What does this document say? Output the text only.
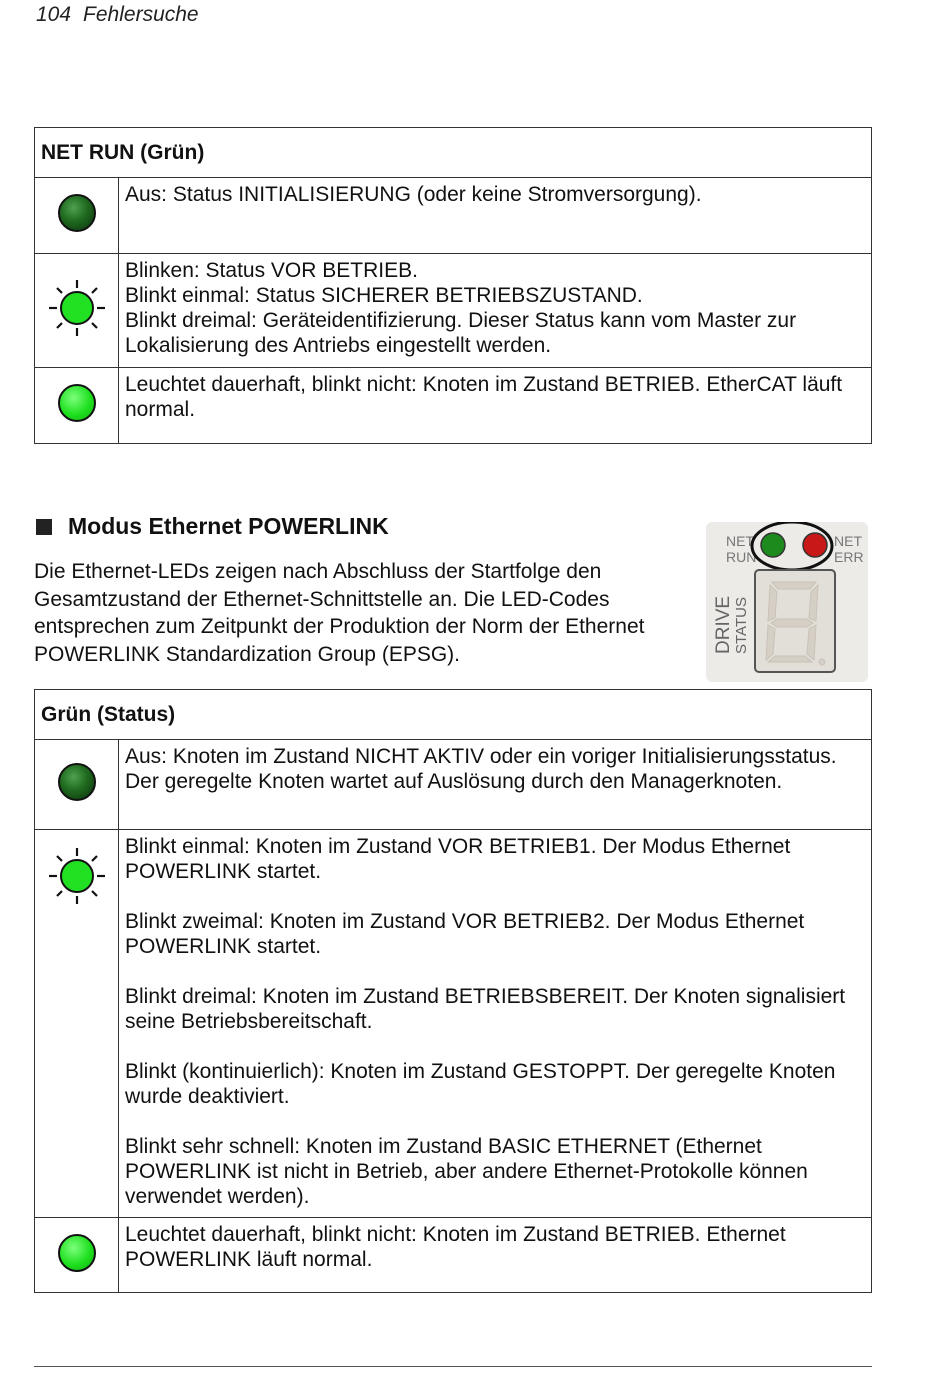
104 Fehlersuche
NET RUN (Grün)	

	Aus: Status INITIALISIERUNG (oder keine Stromversorgung).

Blinken: Status VOR BETRIEB.
Blinkt einmal: Status SICHERER BETRIEBSZUSTAND.
Blinkt dreimal: Geräteidentifizierung. Dieser Status kann vom Master zur Lokalisierung des Antriebs eingestellt werden.

	Leuchtet dauerhaft, blinkt nicht: Knoten im Zustand BETRIEB. EtherCAT läuft normal.
Modus Ethernet POWERLINK

Die Ethernet-LEDs zeigen nach Abschluss der Startfolge den Gesamtzustand der Ethernet-Schnittstelle an. Die LED-Codes entsprechen zum Zeitpunkt der Produktion der Norm der Ethernet POWERLINK Standardization Group (EPSG).

NET
RUN
NET
ERR
DRIVE STATUS
Grün (Status)	

	Aus: Knoten im Zustand NICHT AKTIV oder ein voriger Initialisierungsstatus. Der geregelte Knoten wartet auf Auslösung durch den Managerknoten.

Blinkt einmal: Knoten im Zustand VOR BETRIEB1. Der Modus Ethernet POWERLINK startet.
Blinkt zweimal: Knoten im Zustand VOR BETRIEB2. Der Modus Ethernet POWERLINK startet.
Blinkt dreimal: Knoten im Zustand BETRIEBSBEREIT. Der Knoten signalisiert seine Betriebsbereitschaft.
Blinkt (kontinuierlich): Knoten im Zustand GESTOPPT. Der geregelte Knoten wurde deaktiviert.
Blinkt sehr schnell: Knoten im Zustand BASIC ETHERNET (Ethernet POWERLINK ist nicht in Betrieb, aber andere Ethernet-Protokolle können verwendet werden).

	Leuchtet dauerhaft, blinkt nicht: Knoten im Zustand BETRIEB. Ethernet POWERLINK läuft normal.
